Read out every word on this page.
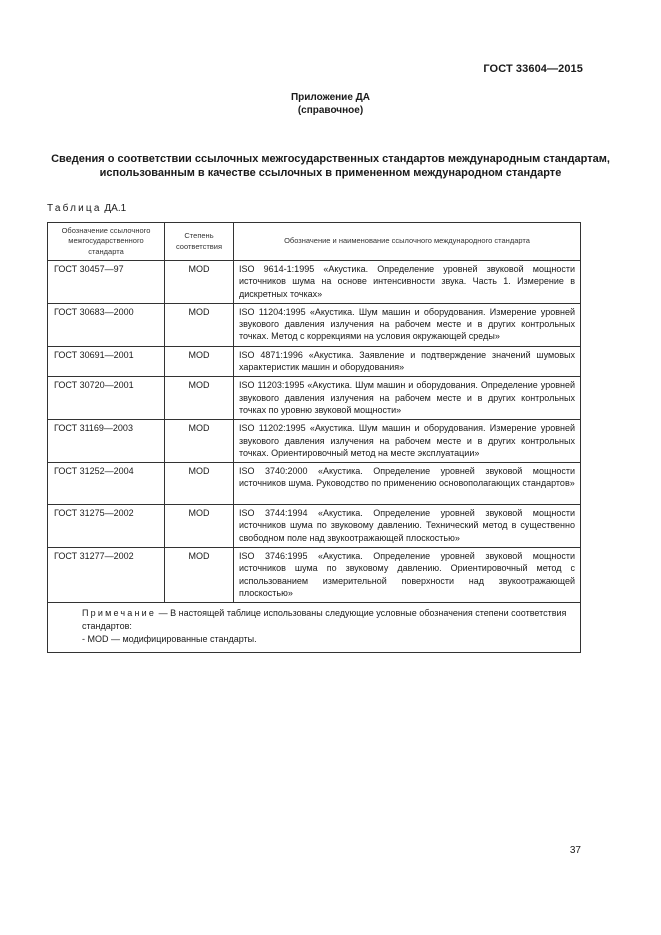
ГОСТ 33604—2015
Приложение ДА
(справочное)
Сведения о соответствии ссылочных межгосударственных стандартов международным стандартам, использованным в качестве ссылочных в примененном международном стандарте
Таблица ДА.1
Обозначение ссылочного межгосударственного стандарта	Степень соответствия	Обозначение и наименование ссылочного международного стандарта
ГОСТ 30457—97	MOD	ISO 9614-1:1995 «Акустика. Определение уровней звуковой мощности источников шума на основе интенсивности звука. Часть 1. Измерение в дискретных точках»
ГОСТ 30683—2000	MOD	ISO 11204:1995 «Акустика. Шум машин и оборудования. Измерение уровней звукового давления излучения на рабочем месте и в других контрольных точках. Метод с коррекциями на условия окружающей среды»
ГОСТ 30691—2001	MOD	ISO 4871:1996 «Акустика. Заявление и подтверждение значений шумовых характеристик машин и оборудования»
ГОСТ 30720—2001	MOD	ISO 11203:1995 «Акустика. Шум машин и оборудования. Определение уровней звукового давления излучения на рабочем месте и в других контрольных точках по уровню звуковой мощности»
ГОСТ 31169—2003	MOD	ISO 11202:1995 «Акустика. Шум машин и оборудования. Измерение уровней звукового давления излучения на рабочем месте и в других контрольных точках. Ориентировочный метод на месте эксплуатации»
ГОСТ 31252—2004	MOD	ISO 3740:2000 «Акустика. Определение уровней звуковой мощности источников шума. Руководство по применению основополагающих стандартов»
ГОСТ 31275—2002	MOD	ISO 3744:1994 «Акустика. Определение уровней звуковой мощности источников шума по звуковому давлению. Технический метод в существенно свободном поле над звукоотражающей плоскостью»
ГОСТ 31277—2002	MOD	ISO 3746:1995 «Акустика. Определение уровней звуковой мощности источников шума по звуковому давлению. Ориентировочный метод с использованием измерительной поверхности над звукоотражающей плоскостью»

Примечание — В настоящей таблице использованы следующие условные обозначения степени соответствия стандартов:
- MOD — модифицированные стандарты.		
37
